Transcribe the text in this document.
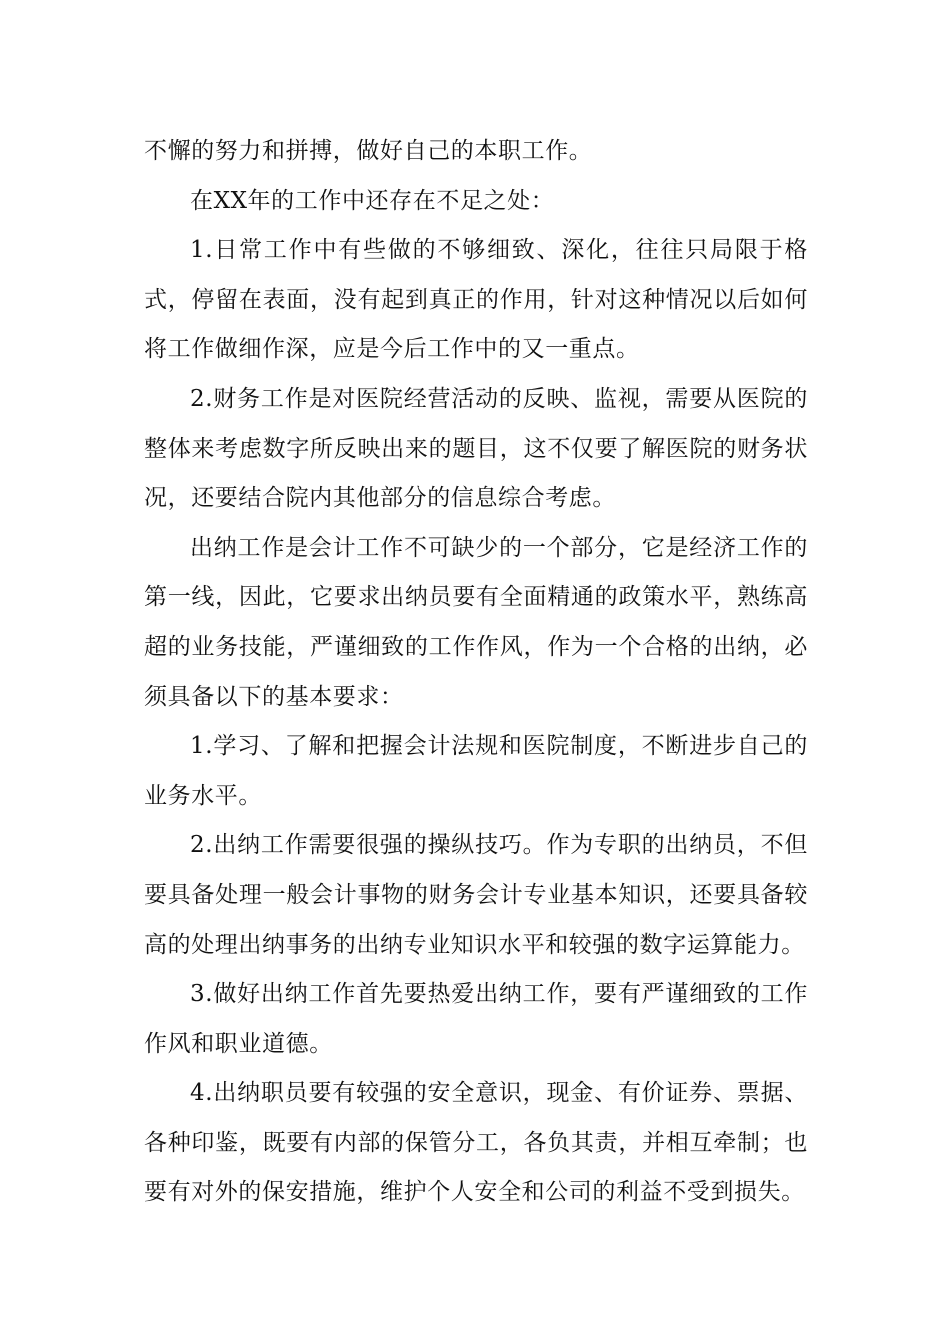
不懈的努力和拼搏，做好自己的本职工作。

在XX年的工作中还存在不足之处：

1.日常工作中有些做的不够细致、深化，往往只局限于格式，停留在表面，没有起到真正的作用，针对这种情况以后如何将工作做细作深，应是今后工作中的又一重点。

2.财务工作是对医院经营活动的反映、监视，需要从医院的整体来考虑数字所反映出来的题目，这不仅要了解医院的财务状况，还要结合院内其他部分的信息综合考虑。

出纳工作是会计工作不可缺少的一个部分，它是经济工作的第一线，因此，它要求出纳员要有全面精通的政策水平，熟练高超的业务技能，严谨细致的工作作风，作为一个合格的出纳，必须具备以下的基本要求：

1.学习、了解和把握会计法规和医院制度，不断进步自己的业务水平。

2.出纳工作需要很强的操纵技巧。作为专职的出纳员，不但要具备处理一般会计事物的财务会计专业基本知识，还要具备较高的处理出纳事务的出纳专业知识水平和较强的数字运算能力。

3.做好出纳工作首先要热爱出纳工作，要有严谨细致的工作作风和职业道德。

4.出纳职员要有较强的安全意识，现金、有价证券、票据、各种印鉴，既要有内部的保管分工，各负其责，并相互牵制；也要有对外的保安措施，维护个人安全和公司的利益不受到损失。
